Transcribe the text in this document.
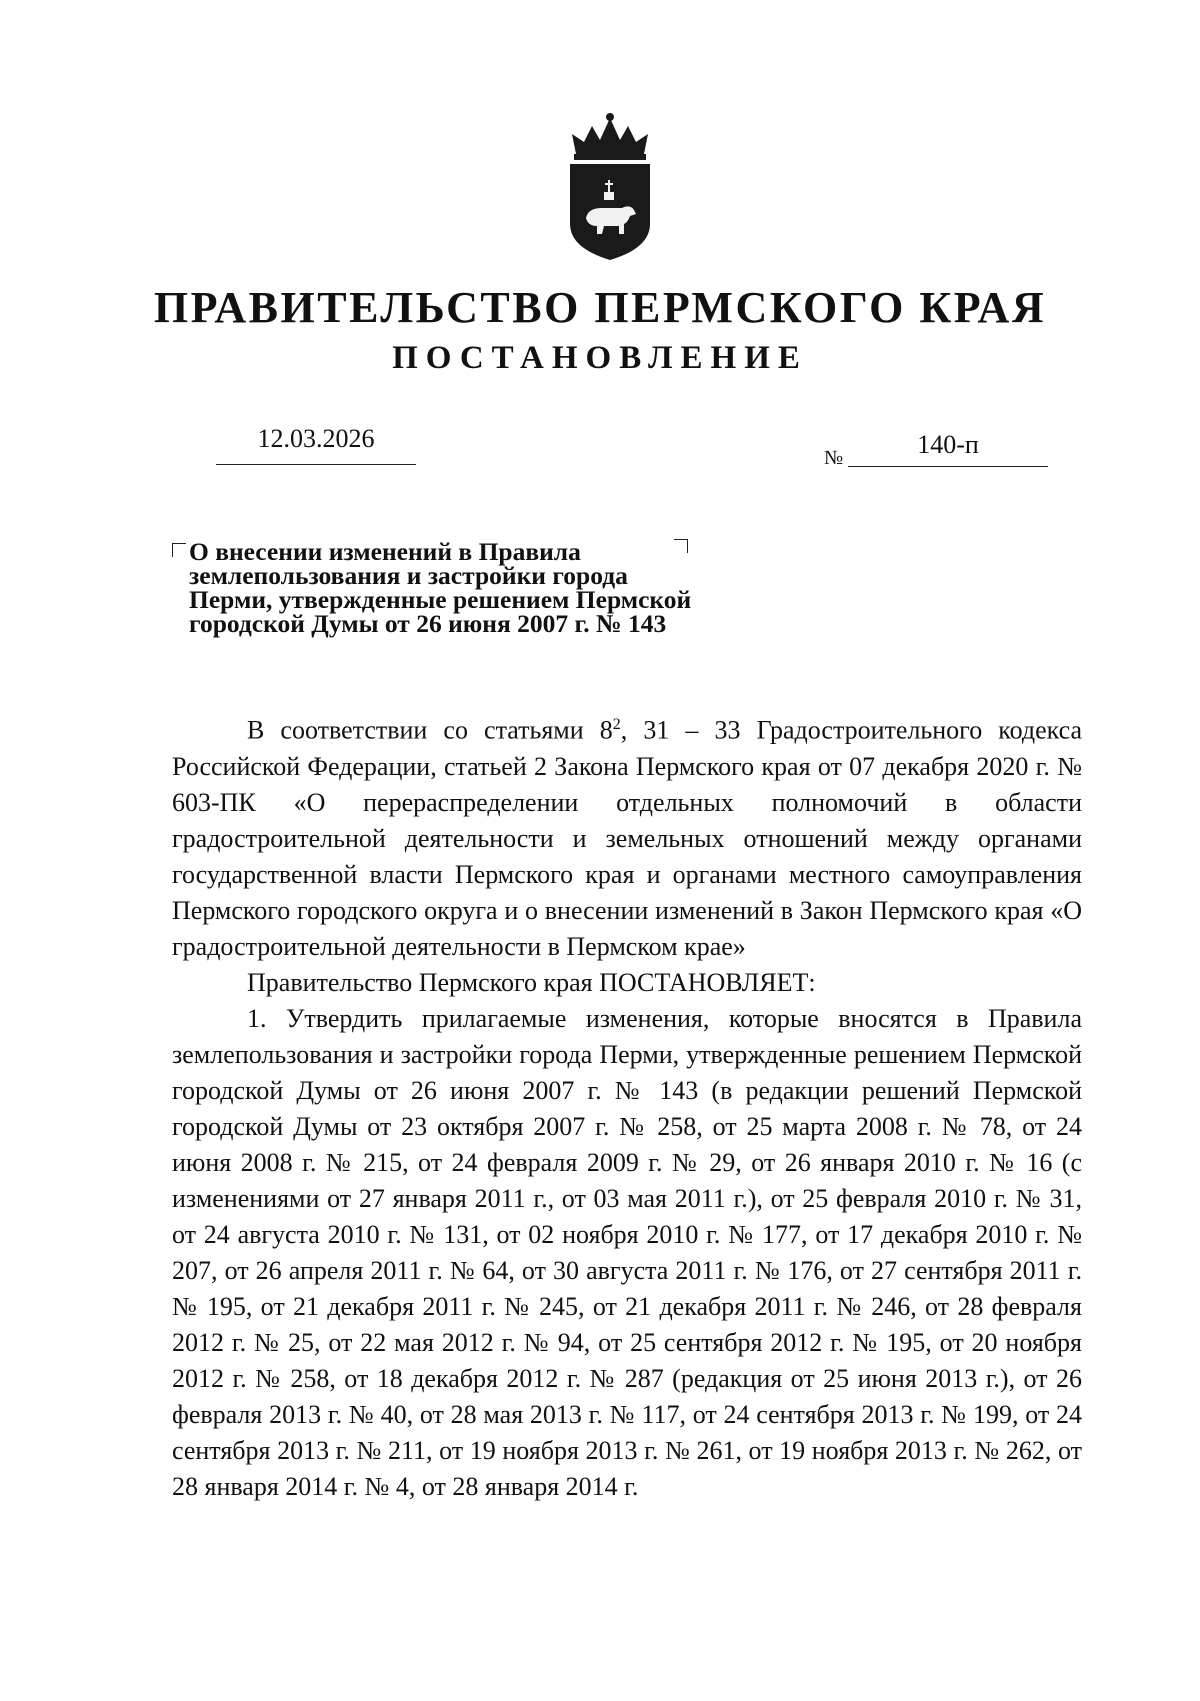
ПРАВИТЕЛЬСТВО ПЕРМСКОГО КРАЯ
ПОСТАНОВЛЕНИЕ
12.03.2026
№	140-п
О внесении изменений в Правила
землепользования и застройки города
Перми, утвержденные решением Пермской
городской Думы от 26 июня 2007 г. № 143

В соответствии со статьями $8^2$, 31 – 33 Градостроительного кодекса Российской Федерации, статьей 2 Закона Пермского края от 07 декабря 2020 г. № 603-ПК «О перераспределении отдельных полномочий в области градостроительной деятельности и земельных отношений между органами государственной власти Пермского края и органами местного самоуправления Пермского городского округа и о внесении изменений в Закон Пермского края «О градостроительной деятельности в Пермском крае»

Правительство Пермского края ПОСТАНОВЛЯЕТ:

1. Утвердить прилагаемые изменения, которые вносятся в Правила землепользования и застройки города Перми, утвержденные решением Пермской городской Думы от 26 июня 2007 г. № 143 (в редакции решений Пермской городской Думы от 23 октября 2007 г. № 258, от 25 марта 2008 г. № 78, от 24 июня 2008 г. № 215, от 24 февраля 2009 г. № 29, от 26 января 2010 г. № 16 (с изменениями от 27 января 2011 г., от 03 мая 2011 г.), от 25 февраля 2010 г. № 31, от 24 августа 2010 г. № 131, от 02 ноября 2010 г. № 177, от 17 декабря 2010 г. № 207, от 26 апреля 2011 г. № 64, от 30 августа 2011 г. № 176, от 27 сентября 2011 г. № 195, от 21 декабря 2011 г. № 245, от 21 декабря 2011 г. № 246, от 28 февраля 2012 г. № 25, от 22 мая 2012 г. № 94, от 25 сентября 2012 г. № 195, от 20 ноября 2012 г. № 258, от 18 декабря 2012 г. № 287 (редакция от 25 июня 2013 г.), от 26 февраля 2013 г. № 40, от 28 мая 2013 г. № 117, от 24 сентября 2013 г. № 199, от 24 сентября 2013 г. № 211, от 19 ноября 2013 г. № 261, от 19 ноября 2013 г. № 262, от 28 января 2014 г. № 4, от 28 января 2014 г.
